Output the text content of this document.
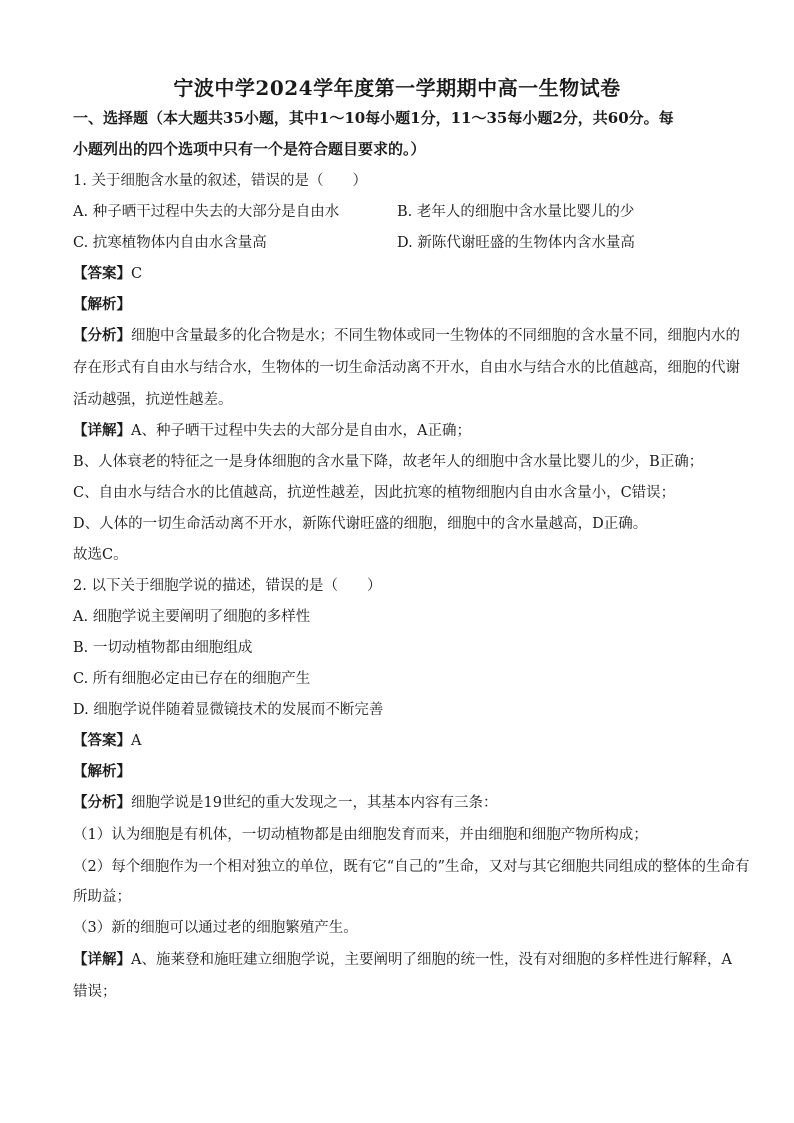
宁波中学2024学年度第一学期期中高一生物试卷
一、选择题（本大题共35小题，其中1～10每小题1分，11～35每小题2分，共60分。每
小题列出的四个选项中只有一个是符合题目要求的。）
1. 关于细胞含水量的叙述，错误的是（　　）
A. 种子晒干过程中失去的大部分是自由水	B. 老年人的细胞中含水量比婴儿的少
C. 抗寒植物体内自由水含量高	D. 新陈代谢旺盛的生物体内含水量高
【答案】C
【解析】
【分析】细胞中含量最多的化合物是水；不同生物体或同一生物体的不同细胞的含水量不同，细胞内水的
存在形式有自由水与结合水，生物体的一切生命活动离不开水，自由水与结合水的比值越高，细胞的代谢
活动越强，抗逆性越差。
【详解】A、种子晒干过程中失去的大部分是自由水，A正确；
B、人体衰老的特征之一是身体细胞的含水量下降，故老年人的细胞中含水量比婴儿的少，B正确；
C、自由水与结合水的比值越高，抗逆性越差，因此抗寒的植物细胞内自由水含量小，C错误；
D、人体的一切生命活动离不开水，新陈代谢旺盛的细胞，细胞中的含水量越高，D正确。
故选C。
2. 以下关于细胞学说的描述，错误的是（　　）
A. 细胞学说主要阐明了细胞的多样性
B. 一切动植物都由细胞组成
C. 所有细胞必定由已存在的细胞产生
D. 细胞学说伴随着显微镜技术的发展而不断完善
【答案】A
【解析】
【分析】细胞学说是19世纪的重大发现之一，其基本内容有三条：
（1）认为细胞是有机体，一切动植物都是由细胞发育而来，并由细胞和细胞产物所构成；
（2）每个细胞作为一个相对独立的单位，既有它“自己的”生命，又对与其它细胞共同组成的整体的生命有
所助益；
（3）新的细胞可以通过老的细胞繁殖产生。
【详解】A、施莱登和施旺建立细胞学说，主要阐明了细胞的统一性，没有对细胞的多样性进行解释，A
错误；
